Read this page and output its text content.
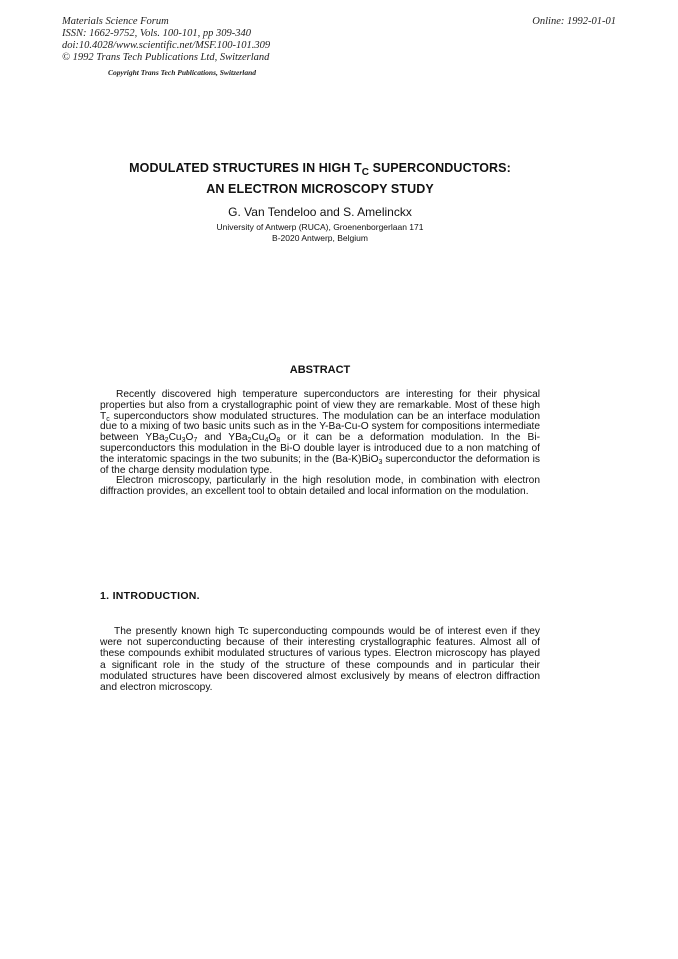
Materials Science Forum
ISSN: 1662-9752, Vols. 100-101, pp 309-340
doi:10.4028/www.scientific.net/MSF.100-101.309
© 1992 Trans Tech Publications Ltd, Switzerland
Online: 1992-01-01
Copyright Trans Tech Publications, Switzerland
MODULATED STRUCTURES IN HIGH $T_C$ SUPERCONDUCTORS:
AN ELECTRON MICROSCOPY STUDY
G. Van Tendeloo and S. Amelinckx
University of Antwerp (RUCA), Groenenborgerlaan 171
B-2020 Antwerp, Belgium
ABSTRACT

Recently discovered high temperature superconductors are interesting for their physical properties but also from a crystallographic point of view they are remarkable. Most of these high $T_c$ superconductors show modulated structures. The modulation can be an interface modulation due to a mixing of two basic units such as in the Y-Ba-Cu-O system for compositions intermediate between $YBa_2Cu_3O_7$ and $YBa_2Cu_4O_8$ or it can be a deformation modulation. In the Bi-superconductors this modulation in the Bi-O double layer is introduced due to a non matching of the interatomic spacings in the two subunits; in the (Ba-K)BiO$_3$ superconductor the deformation is of the charge density modulation type.

Electron microscopy, particularly in the high resolution mode, in combination with electron diffraction provides, an excellent tool to obtain detailed and local information on the modulation.

1. INTRODUCTION.

The presently known high Tc superconducting compounds would be of interest even if they were not superconducting because of their interesting crystallographic features. Almost all of these compounds exhibit modulated structures of various types. Electron microscopy has played a significant role in the study of the structure of these compounds and in particular their modulated structures have been discovered almost exclusively by means of electron diffraction and electron microscopy.
